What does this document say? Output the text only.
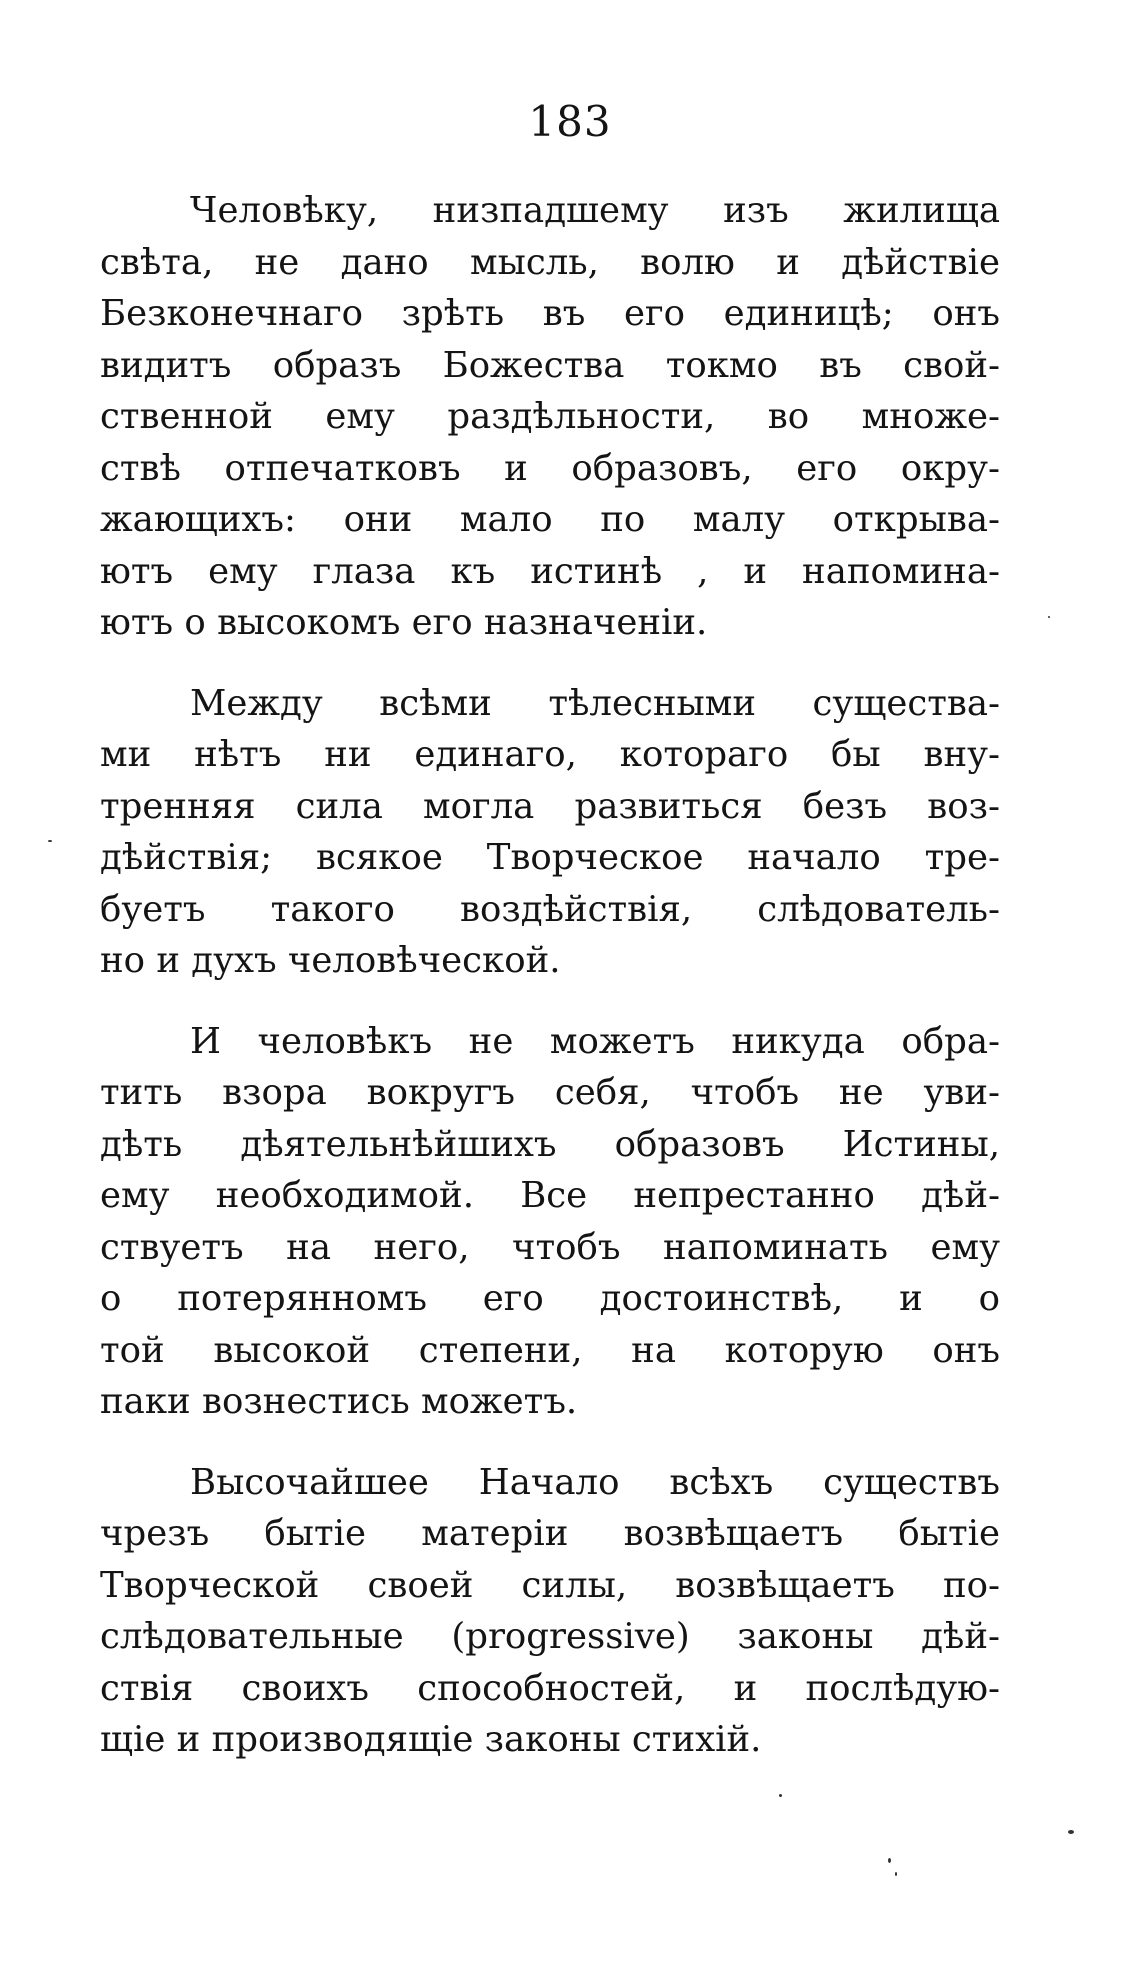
183

Человѣку, низпадшему изъ жилища
свѣта, не дано мысль, волю и дѣйствіе
Безконечнаго зрѣть въ его единицѣ; онъ
видитъ образъ Божества токмо въ свой-
ственной ему раздѣльности, во множе-
ствѣ отпечатковъ и образовъ, его окру-
жающихъ: они мало по малу открыва-
ютъ ему глаза къ истинѣ , и напомина-
ютъ о высокомъ его назначеніи.

Между всѣми тѣлесными существа-
ми нѣтъ ни единаго, котораго бы вну-
тренняя сила могла развиться безъ воз-
дѣйствія; всякое Творческое начало тре-
буетъ такого воздѣйствія, слѣдователь-
но и духъ человѣческой.

И человѣкъ не можетъ никуда обра-
тить взора вокругъ себя, чтобъ не уви-
дѣть дѣятельнѣйшихъ образовъ Истины,
ему необходимой. Все непрестанно дѣй-
ствуетъ на него, чтобъ напоминать ему
о потерянномъ его достоинствѣ, и о
той высокой степени, на которую онъ
паки вознестись можетъ.

Высочайшее Начало всѣхъ существъ
чрезъ бытіе матеріи возвѣщаетъ бытіе
Творческой своей силы, возвѣщаетъ по-
слѣдовательные (progressive) законы дѣй-
ствія своихъ способностей, и послѣдую-
щіе и производящіе законы стихій.
